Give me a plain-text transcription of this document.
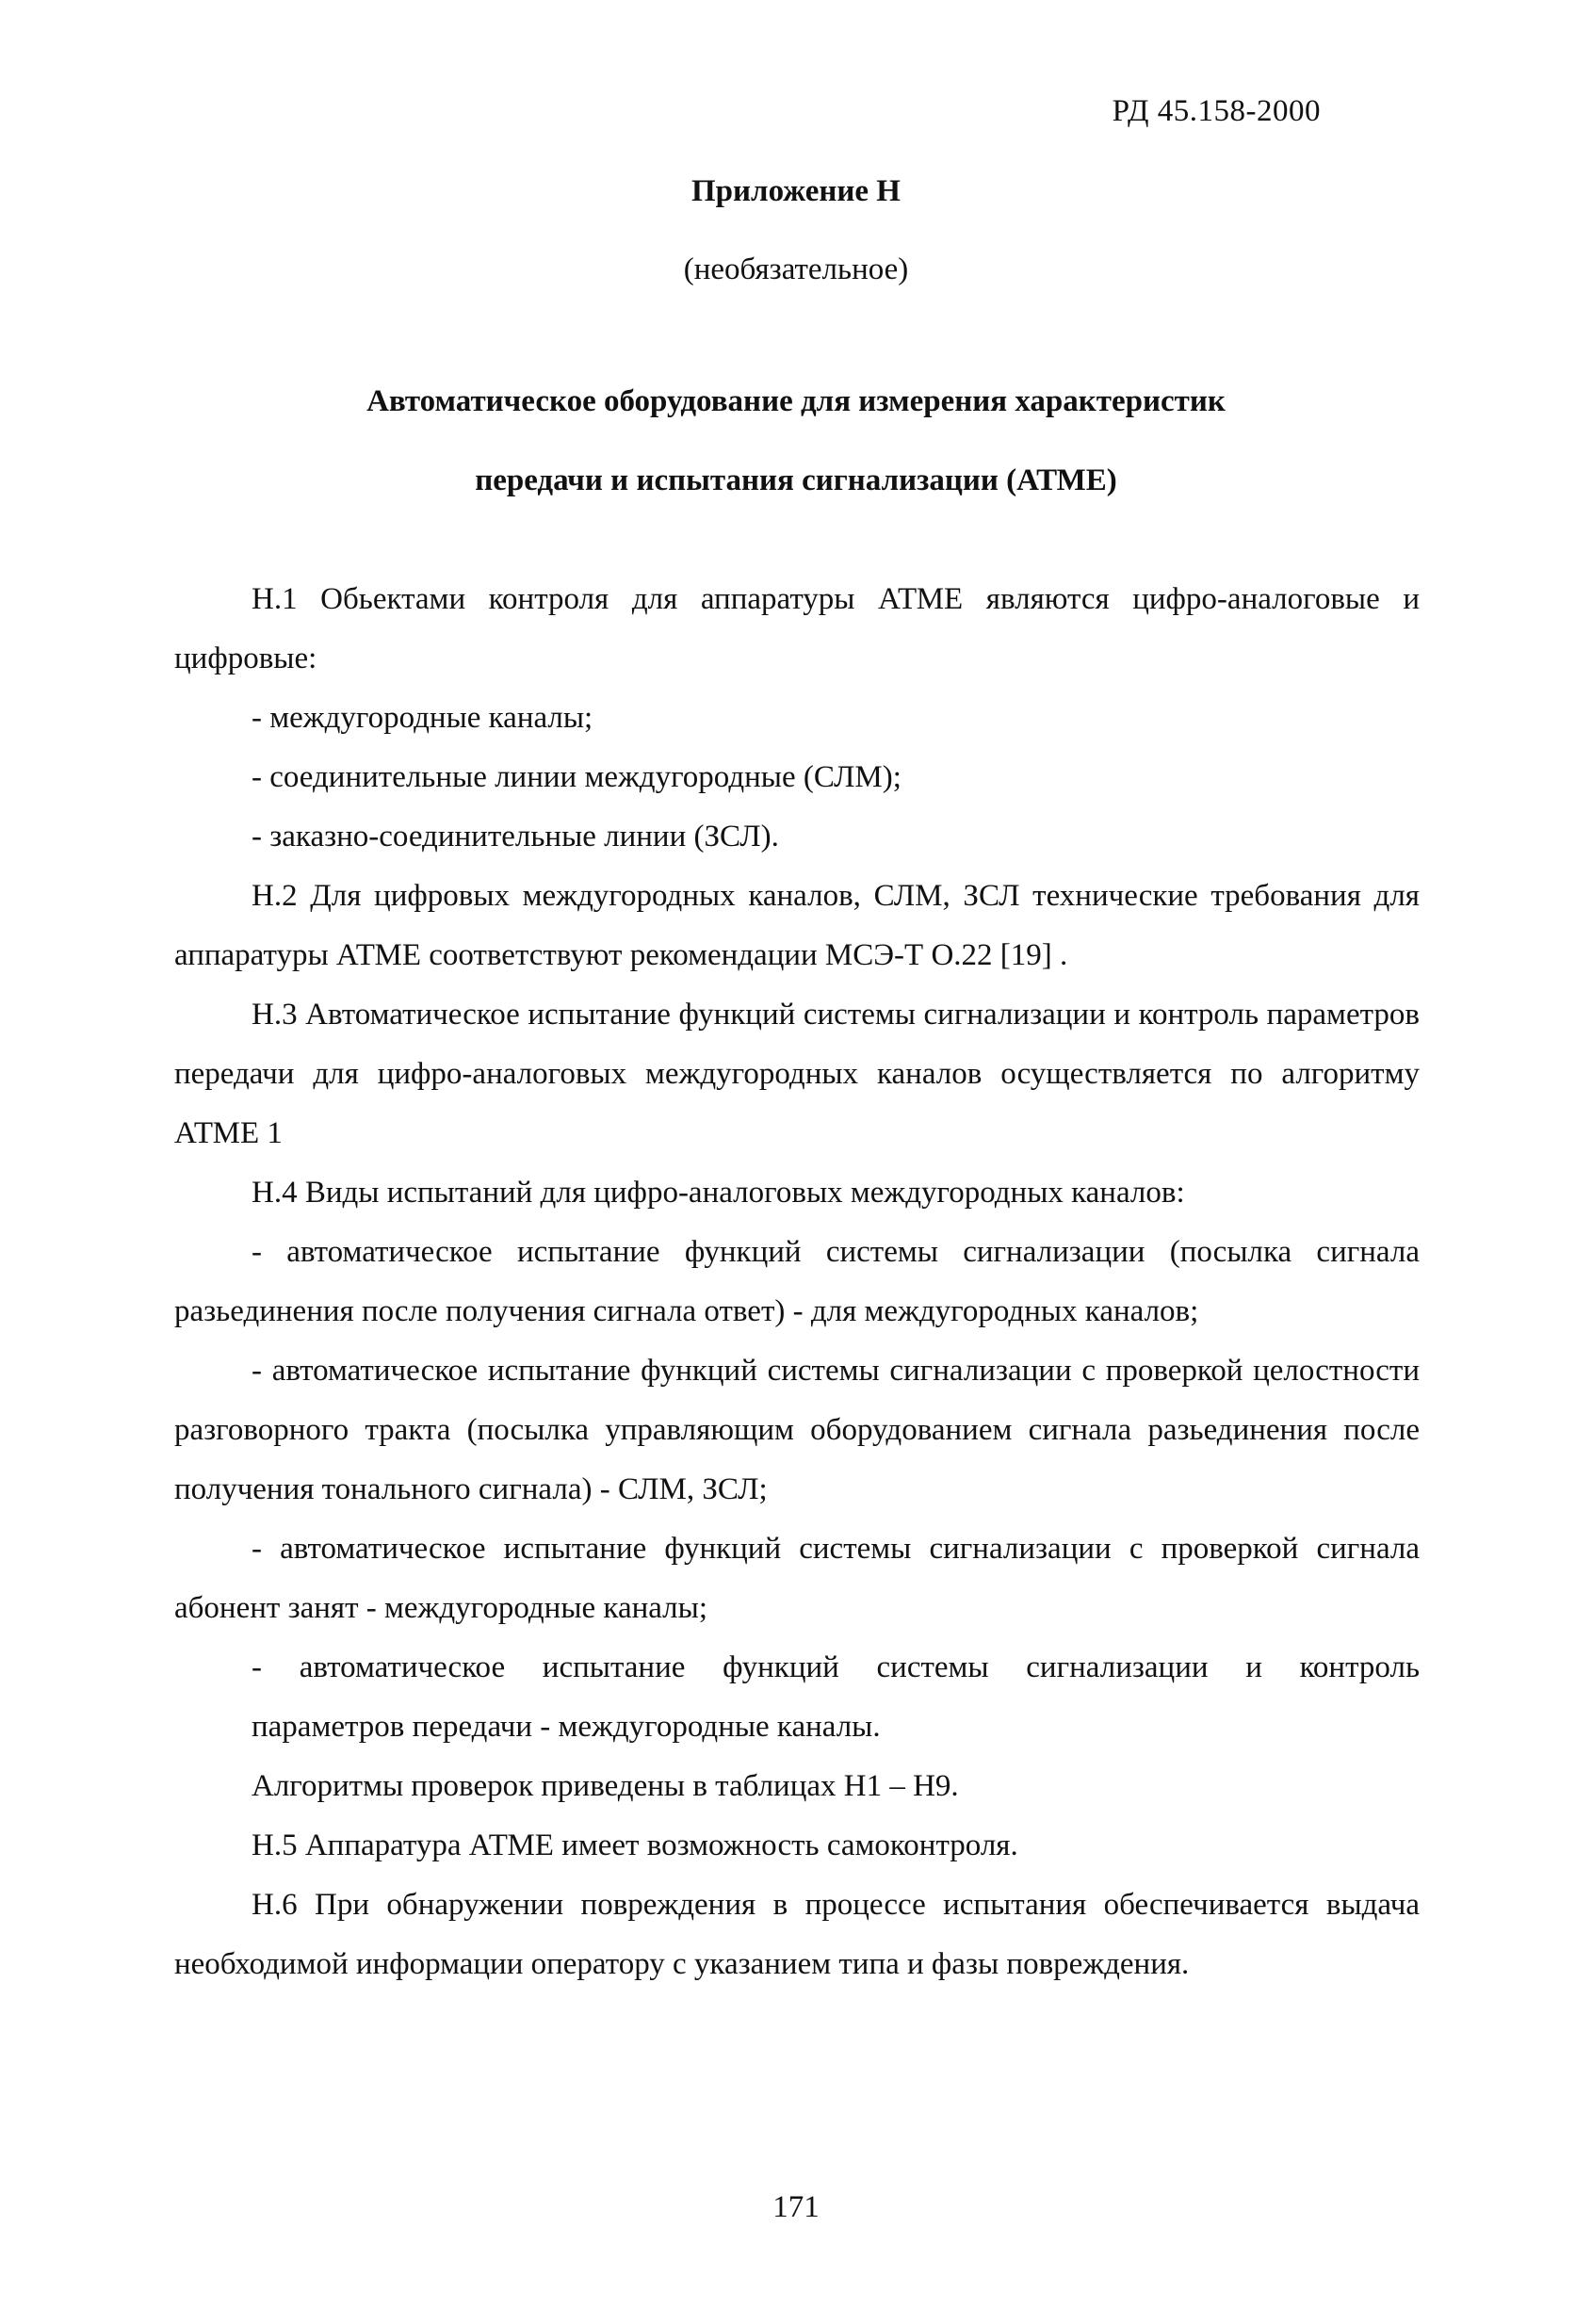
РД 45.158-2000
Приложение Н
(необязательное)
Автоматическое оборудование для измерения характеристик
передачи и испытания сигнализации (АТМЕ)

Н.1 Обьектами контроля для аппаратуры АТМЕ являются цифро-аналоговые и цифровые:

- междугородные каналы;

- соединительные линии междугородные (СЛМ);

- заказно-соединительные линии (ЗСЛ).

Н.2 Для цифровых междугородных каналов, СЛМ, ЗСЛ технические требования для аппаратуры АТМЕ соответствуют рекомендации МСЭ-Т О.22 [19] .

Н.3 Автоматическое испытание функций системы сигнализации и контроль параметров передачи для цифро-аналоговых междугородных каналов осуществляется по алгоритму АТМЕ 1

Н.4 Виды испытаний для цифро-аналоговых междугородных каналов:

- автоматическое испытание функций системы сигнализации (посылка сигнала разьединения после получения сигнала ответ) - для междугородных каналов;

- автоматическое испытание функций системы сигнализации с проверкой целостности разговорного тракта (посылка управляющим оборудованием сигнала разьединения после получения тонального сигнала) - СЛМ, ЗСЛ;

- автоматическое испытание функций системы сигнализации с проверкой сигнала абонент занят - междугородные каналы;

- автоматическое испытание функций системы сигнализации и контроль

параметров передачи - междугородные каналы.

Алгоритмы проверок приведены в таблицах Н1 – Н9.

Н.5 Аппаратура АТМЕ имеет возможность самоконтроля.

Н.6 При обнаружении повреждения в процессе испытания обеспечивается выдача необходимой информации оператору с указанием типа и фазы повреждения.

171
